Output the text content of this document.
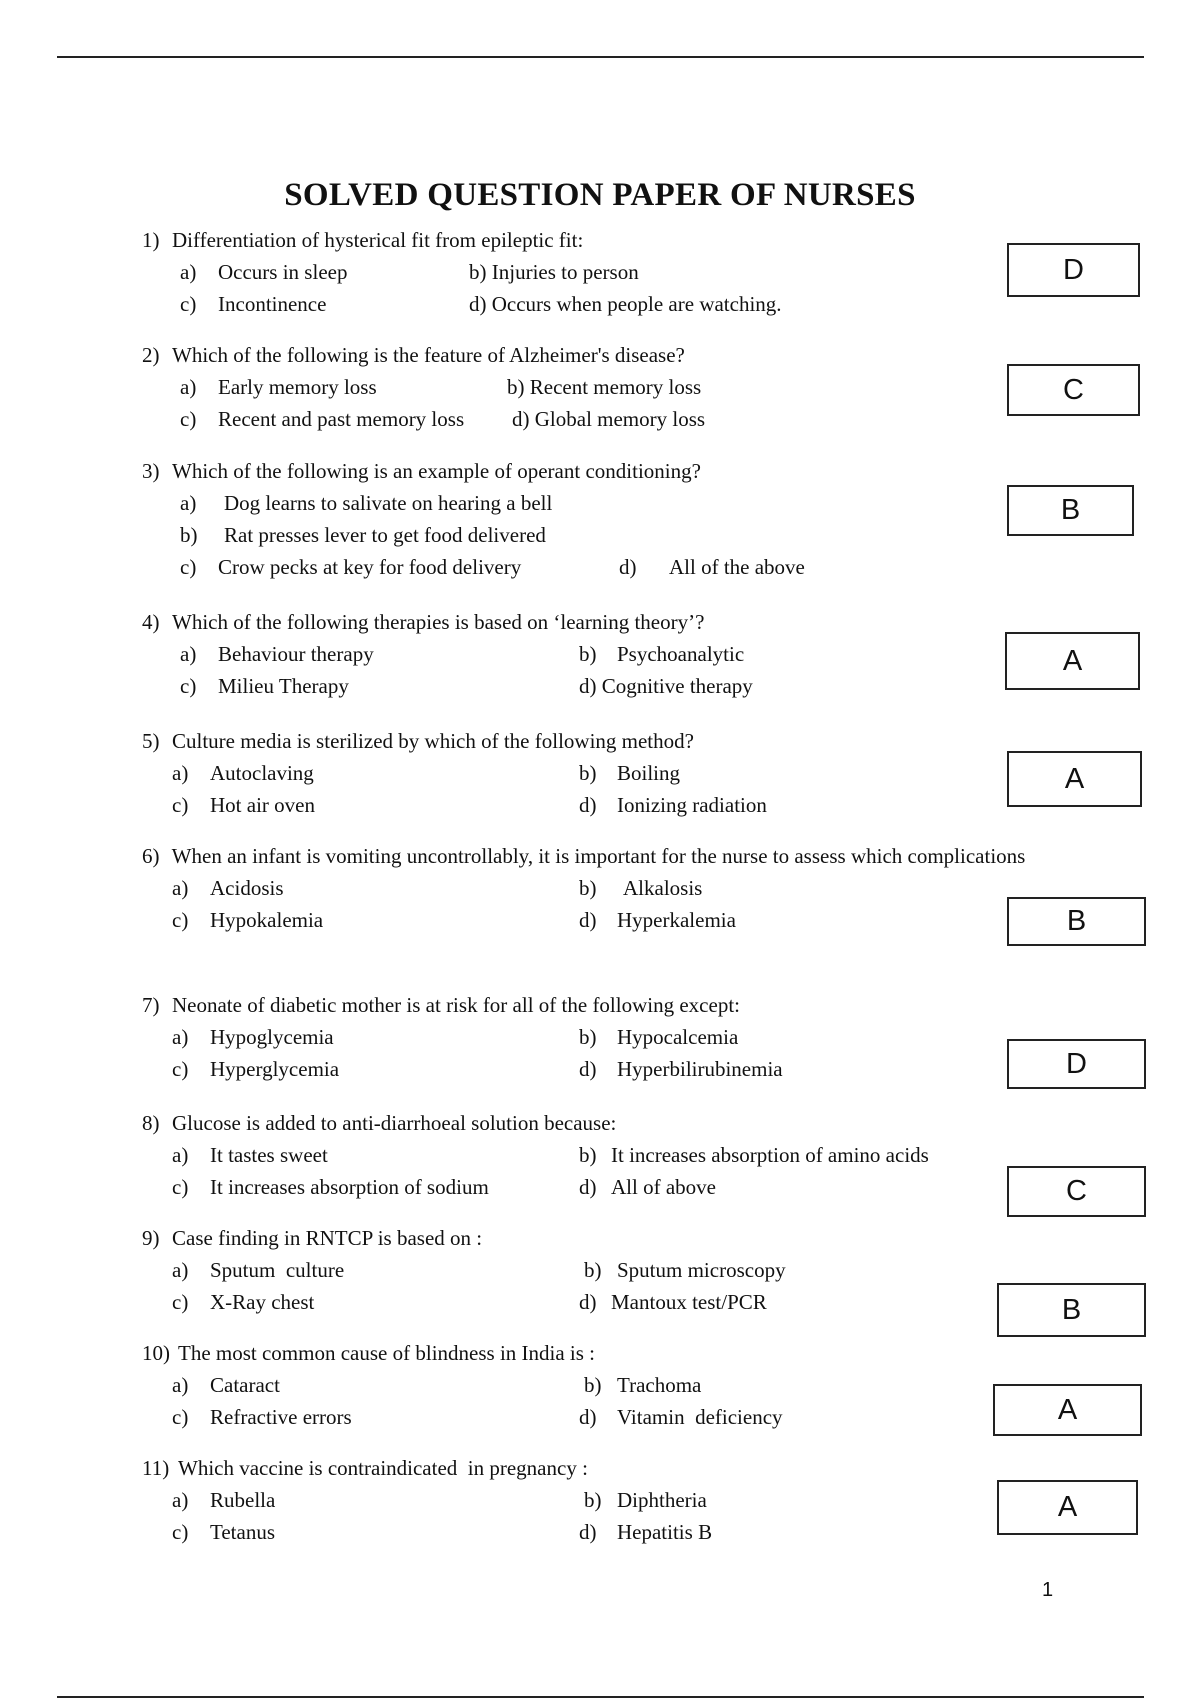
SOLVED QUESTION PAPER OF NURSES
1) Differentiation of hysterical fit from epileptic fit:
a) Occurs in sleep	b) Injuries to person
c) Incontinence	d) Occurs when people are watching.
D
2) Which of the following is the feature of Alzheimer's disease?
a) Early memory loss	b) Recent memory loss
c) Recent and past memory loss d) Global memory loss
C
3) Which of the following is an example of operant conditioning?
a) Dog learns to salivate on hearing a bell
b) Rat presses lever to get food delivered
c) Crow pecks at key for food delivery	d) All of the above
B
4) Which of the following therapies is based on ‘learning theory’?
a) Behaviour therapy	b) Psychoanalytic
c) Milieu Therapy	d) Cognitive therapy
A
5) Culture media is sterilized by which of the following method?
a) Autoclaving	b) Boiling
c) Hot air oven	d) Ionizing radiation
A
6) When an infant is vomiting uncontrollably, it is important for the nurse to assess which complications
a) Acidosis	b) Alkalosis
c) Hypokalemia	d) Hyperkalemia	B
7) Neonate of diabetic mother is at risk for all of the following except:
a) Hypoglycemia	b) Hypocalcemia
c) Hyperglycemia	d) Hyperbilirubinemia	D
8) Glucose is added to anti-diarrhoeal solution because:
a) It tastes sweet	b) It increases absorption of amino acids
c) It increases absorption of sodium	d) All of above	C
9) Case finding in RNTCP is based on :
a) Sputum  culture	b) Sputum microscopy
c) X-Ray chest	d) Mantoux test/PCR	B
10) The most common cause of blindness in India is :
a) Cataract	b) Trachoma
c) Refractive errors	d) Vitamin  deficiency	A
11) Which vaccine is contraindicated  in pregnancy :
a) Rubella	b) Diphtheria
c) Tetanus	d) Hepatitis B
A
1
